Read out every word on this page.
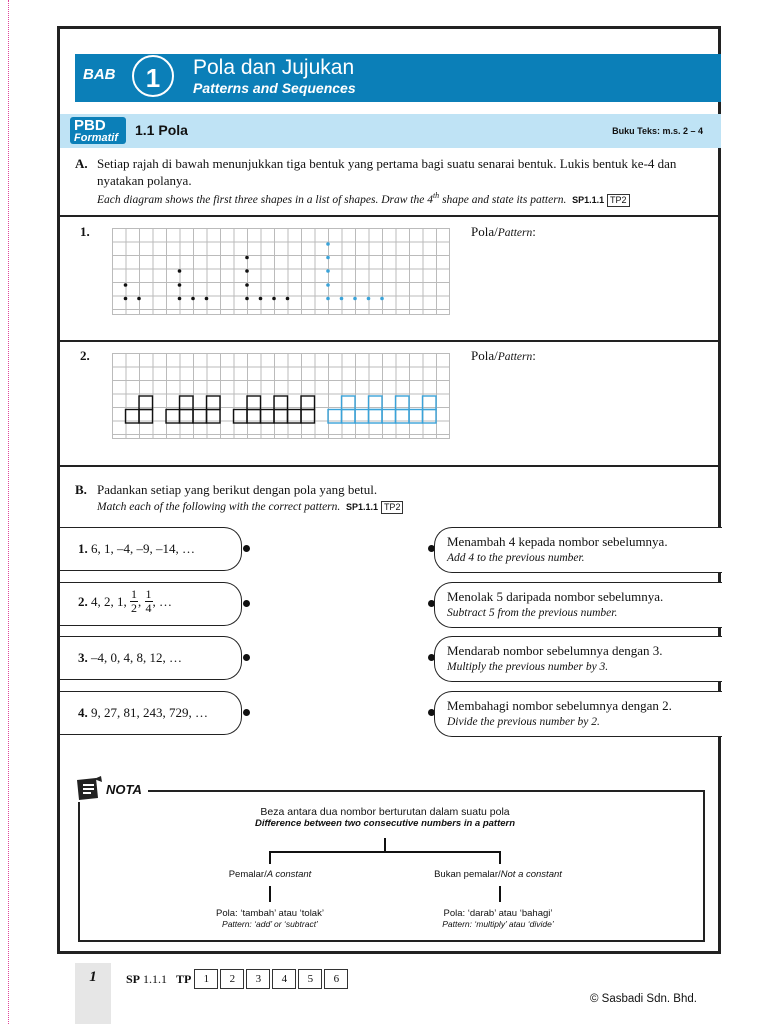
BAB	1	Pola dan Jujukan
Patterns and Sequences
PBD
Formatif 1.1 Pola	Buku Teks: m.s. 2 – 4
A. Setiap rajah di bawah menunjukkan tiga bentuk yang pertama bagi suatu senarai bentuk. Lukis bentuk ke-4 dan nyatakan polanya.
Each diagram shows the first three shapes in a list of shapes. Draw the 4th shape and state its pattern. SP1.1.1 TP2
1.	Pola/Pattern:
2.	Pola/Pattern:
B. Padankan setiap yang berikut dengan pola yang betul.
Match each of the following with the correct pattern. SP1.1.1 TP2
1. 6, 1, –4, –9, –14, …
2.
4, 2, 1,
1
2 ,
1
4 , …
3. –4, 0, 4, 8, 12, …
4. 9, 27, 81, 243, 729, …
Menambah 4 kepada nombor sebelumnya.
Add 4 to the previous number.
Menolak 5 daripada nombor sebelumnya.
Subtract 5 from the previous number.
Mendarab nombor sebelumnya dengan 3.
Multiply the previous number by 3.
Membahagi nombor sebelumnya dengan 2.
Divide the previous number by 2.
NOTA
Beza antara dua nombor berturutan dalam suatu pola
Difference between two consecutive numbers in a pattern
Pemalar/A constant	Bukan pemalar/Not a constant
Pola: ‘tambah’ atau ‘tolak’
Pattern: ‘add’ or ‘subtract’
Pola: ‘darab’ atau ‘bahagi’
Pattern: ‘multiply’ atau ‘divide’
1	SP
1.1.1
TP
	1	2	3	4	5	6
© Sasbadi Sdn. Bhd.
